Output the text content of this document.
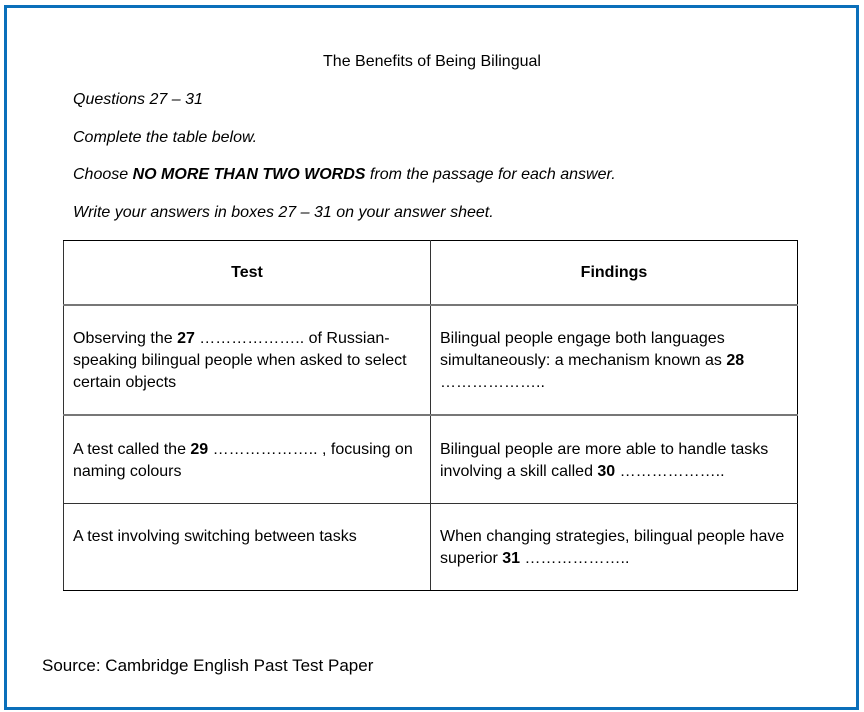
The Benefits of Being Bilingual
Questions 27 – 31
Complete the table below.
Choose NO MORE THAN TWO WORDS from the passage for each answer.
Write your answers in boxes 27 – 31 on your answer sheet.
Test	Findings
Observing the 27 ……………….. of Russian-speaking bilingual people when asked to select certain objects	Bilingual people engage both languages simultaneously: a mechanism known as 28 ………………..
A test called the 29 ……………….. , focusing on naming colours	Bilingual people are more able to handle tasks involving a skill called 30 ………………..
A test involving switching between tasks	When changing strategies, bilingual people have superior 31 ………………..
Source: Cambridge English Past Test Paper
